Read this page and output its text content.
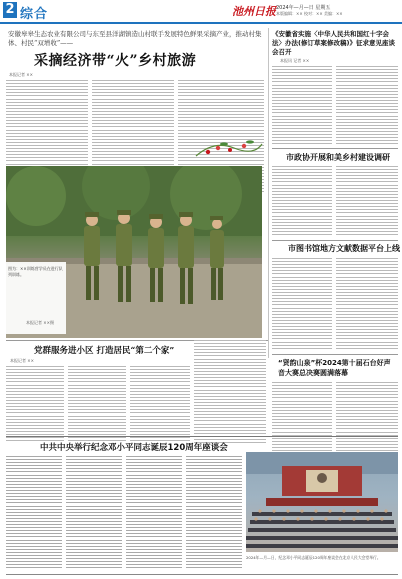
2 综合	池州日报 2024年—月—日 星期五
本版编辑：×× 校对：×× 美编：××
安徽皋皋生态农业有限公司与东至县洋湖镇造山村联手发展特色鲜果采摘产业，推动村集体、村民“双增收”——
采摘经济带“火”乡村旅游
本报记者 ××
图为：××训练营学员在进行队列训练。
本报记者 ××摄
《安徽省实施〈中华人民共和国红十字会法〉办法(修订草案修改稿)》征求意见座谈会召开
本报讯 记者 ××
市政协开展和美乡村建设调研
市图书馆地方文献数据平台上线
党群服务进小区 打造居民“第二个家”
本报记者 ××	“贤韵山泉”杯2024第十届石台好声音大赛总决赛圆满落幕
中共中央举行纪念邓小平同志诞辰120周年座谈会
2024年—月—日，纪念邓小平同志诞辰120周年座谈会在北京人民大会堂举行。
